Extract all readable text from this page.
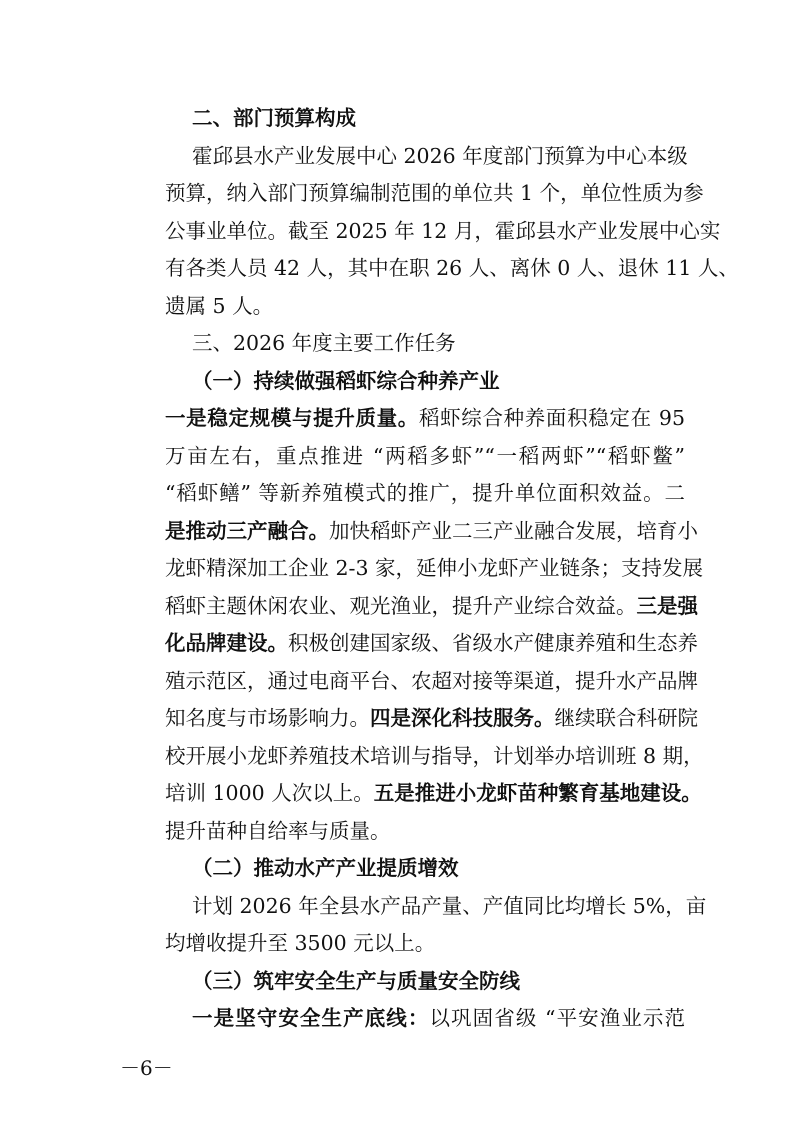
二、部门预算构成
霍邱县水产业发展中心 2026 年度部门预算为中心本级
预算，纳入部门预算编制范围的单位共 1 个，单位性质为参
公事业单位。截至 2025 年 12 月，霍邱县水产业发展中心实
有各类人员 42 人，其中在职 26 人、离休 0 人、退休 11 人、
遗属 5 人。
三、2026 年度主要工作任务
（一）持续做强稻虾综合种养产业
一是稳定规模与提升质量。稻虾综合种养面积稳定在 95
万亩左右，重点推进 “两稻多虾”“一稻两虾”“稻虾鳖”
“稻虾鳝” 等新养殖模式的推广，提升单位面积效益。二
是推动三产融合。加快稻虾产业二三产业融合发展，培育小
龙虾精深加工企业 2-3 家，延伸小龙虾产业链条；支持发展
稻虾主题休闲农业、观光渔业，提升产业综合效益。三是强
化品牌建设。积极创建国家级、省级水产健康养殖和生态养
殖示范区，通过电商平台、农超对接等渠道，提升水产品牌
知名度与市场影响力。四是深化科技服务。继续联合科研院
校开展小龙虾养殖技术培训与指导，计划举办培训班 8 期，
培训 1000 人次以上。五是推进小龙虾苗种繁育基地建设。
提升苗种自给率与质量。
（二）推动水产产业提质增效
计划 2026 年全县水产品产量、产值同比均增长 5%，亩
均增收提升至 3500 元以上。
（三）筑牢安全生产与质量安全防线
一是坚守安全生产底线：以巩固省级 “平安渔业示范
－6－
